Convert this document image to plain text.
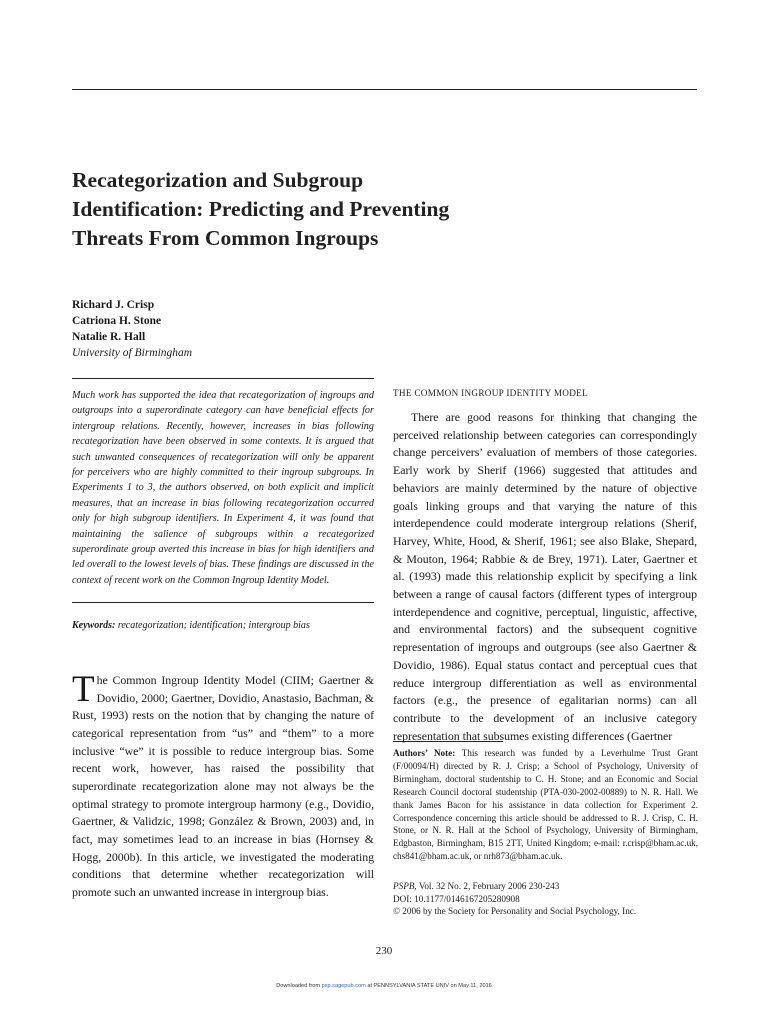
Recategorization and Subgroup
Identification: Predicting and Preventing
Threats From Common Ingroups
Richard J. Crisp
Catriona H. Stone
Natalie R. Hall
University of Birmingham
Much work has supported the idea that recategorization of ingroups and outgroups into a superordinate category can have beneficial effects for intergroup relations. Recently, however, increases in bias following recategorization have been observed in some contexts. It is argued that such unwanted consequences of recategorization will only be apparent for perceivers who are highly committed to their ingroup subgroups. In Experiments 1 to 3, the authors observed, on both explicit and implicit measures, that an increase in bias following recategorization occurred only for high subgroup identifiers. In Experiment 4, it was found that maintaining the salience of subgroups within a recategorized superordinate group averted this increase in bias for high identifiers and led overall to the lowest levels of bias. These findings are discussed in the context of recent work on the Common Ingroup Identity Model.
Keywords: recategorization; identification; intergroup bias
The Common Ingroup Identity Model (CIIM; Gaertner & Dovidio, 2000; Gaertner, Dovidio, Anastasio, Bachman, & Rust, 1993) rests on the notion that by changing the nature of categorical representation from “us” and “them” to a more inclusive “we” it is possible to reduce intergroup bias. Some recent work, however, has raised the possibility that superordinate recategorization alone may not always be the optimal strategy to promote intergroup harmony (e.g., Dovidio, Gaertner, & Validzic, 1998; González & Brown, 2003) and, in fact, may sometimes lead to an increase in bias (Hornsey & Hogg, 2000b). In this article, we investigated the moderating conditions that determine whether recategorization will promote such an unwanted increase in intergroup bias.
THE COMMON INGROUP IDENTITY MODEL
There are good reasons for thinking that changing the perceived relationship between categories can correspondingly change perceivers’ evaluation of members of those categories. Early work by Sherif (1966) suggested that attitudes and behaviors are mainly determined by the nature of objective goals linking groups and that varying the nature of this interdependence could moderate intergroup relations (Sherif, Harvey, White, Hood, & Sherif, 1961; see also Blake, Shepard, & Mouton, 1964; Rabbie & de Brey, 1971). Later, Gaertner et al. (1993) made this relationship explicit by specifying a link between a range of causal factors (different types of intergroup interdependence and cognitive, perceptual, linguistic, affective, and environmental factors) and the subsequent cognitive representation of ingroups and outgroups (see also Gaertner & Dovidio, 1986). Equal status contact and perceptual cues that reduce intergroup differentiation as well as environmental factors (e.g., the presence of egalitarian norms) can all contribute to the development of an inclusive category representation that subsumes existing differences (Gaertner
Authors’ Note: This research was funded by a Leverhulme Trust Grant (F/00094/H) directed by R. J. Crisp; a School of Psychology, University of Birmingham, doctoral studentship to C. H. Stone; and an Economic and Social Research Council doctoral studentship (PTA-030-2002-00889) to N. R. Hall. We thank James Bacon for his assistance in data collection for Experiment 2. Correspondence concerning this article should be addressed to R. J. Crisp, C. H. Stone, or N. R. Hall at the School of Psychology, University of Birmingham, Edgbaston, Birmingham, B15 2TT, United Kingdom; e-mail: r.crisp@bham.ac.uk, chs841@bham.ac.uk, or nrh873@bham.ac.uk.
PSPB, Vol. 32 No. 2, February 2006 230-243
DOI: 10.1177/0146167205280908
© 2006 by the Society for Personality and Social Psychology, Inc.
230
Downloaded from psp.sagepub.com at PENNSYLVANIA STATE UNIV on May 11, 2016
